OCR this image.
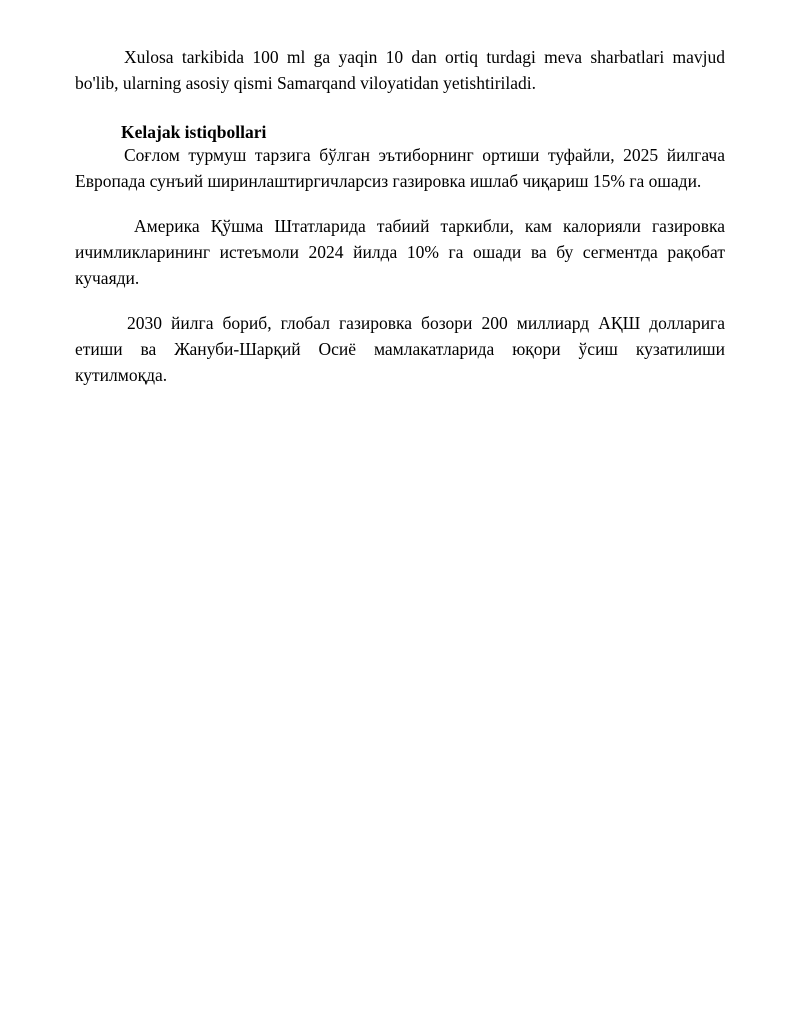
Xulosa tarkibida 100 ml ga yaqin 10 dan ortiq turdagi meva sharbatlari mavjud bo'lib, ularning asosiy qismi Samarqand viloyatidan yetishtiriladi.

Kelajak istiqbollari

Соғлом турмуш тарзига бўлган эътиборнинг ортиши туфайли, 2025 йилгача Европада сунъий ширинлаштиргичларсиз газировка ишлаб чиқариш 15% га ошади.

Америка Қўшма Штатларида табиий таркибли, кам калорияли газировка ичимликларининг истеъмоли 2024 йилда 10% га ошади ва бу сегментда рақобат кучаяди.

2030 йилга бориб, глобал газировка бозори 200 миллиард АҚШ долларига етиши ва Жануби-Шарқий Осиё мамлакатларида юқори ўсиш кузатилиши кутилмоқда.
